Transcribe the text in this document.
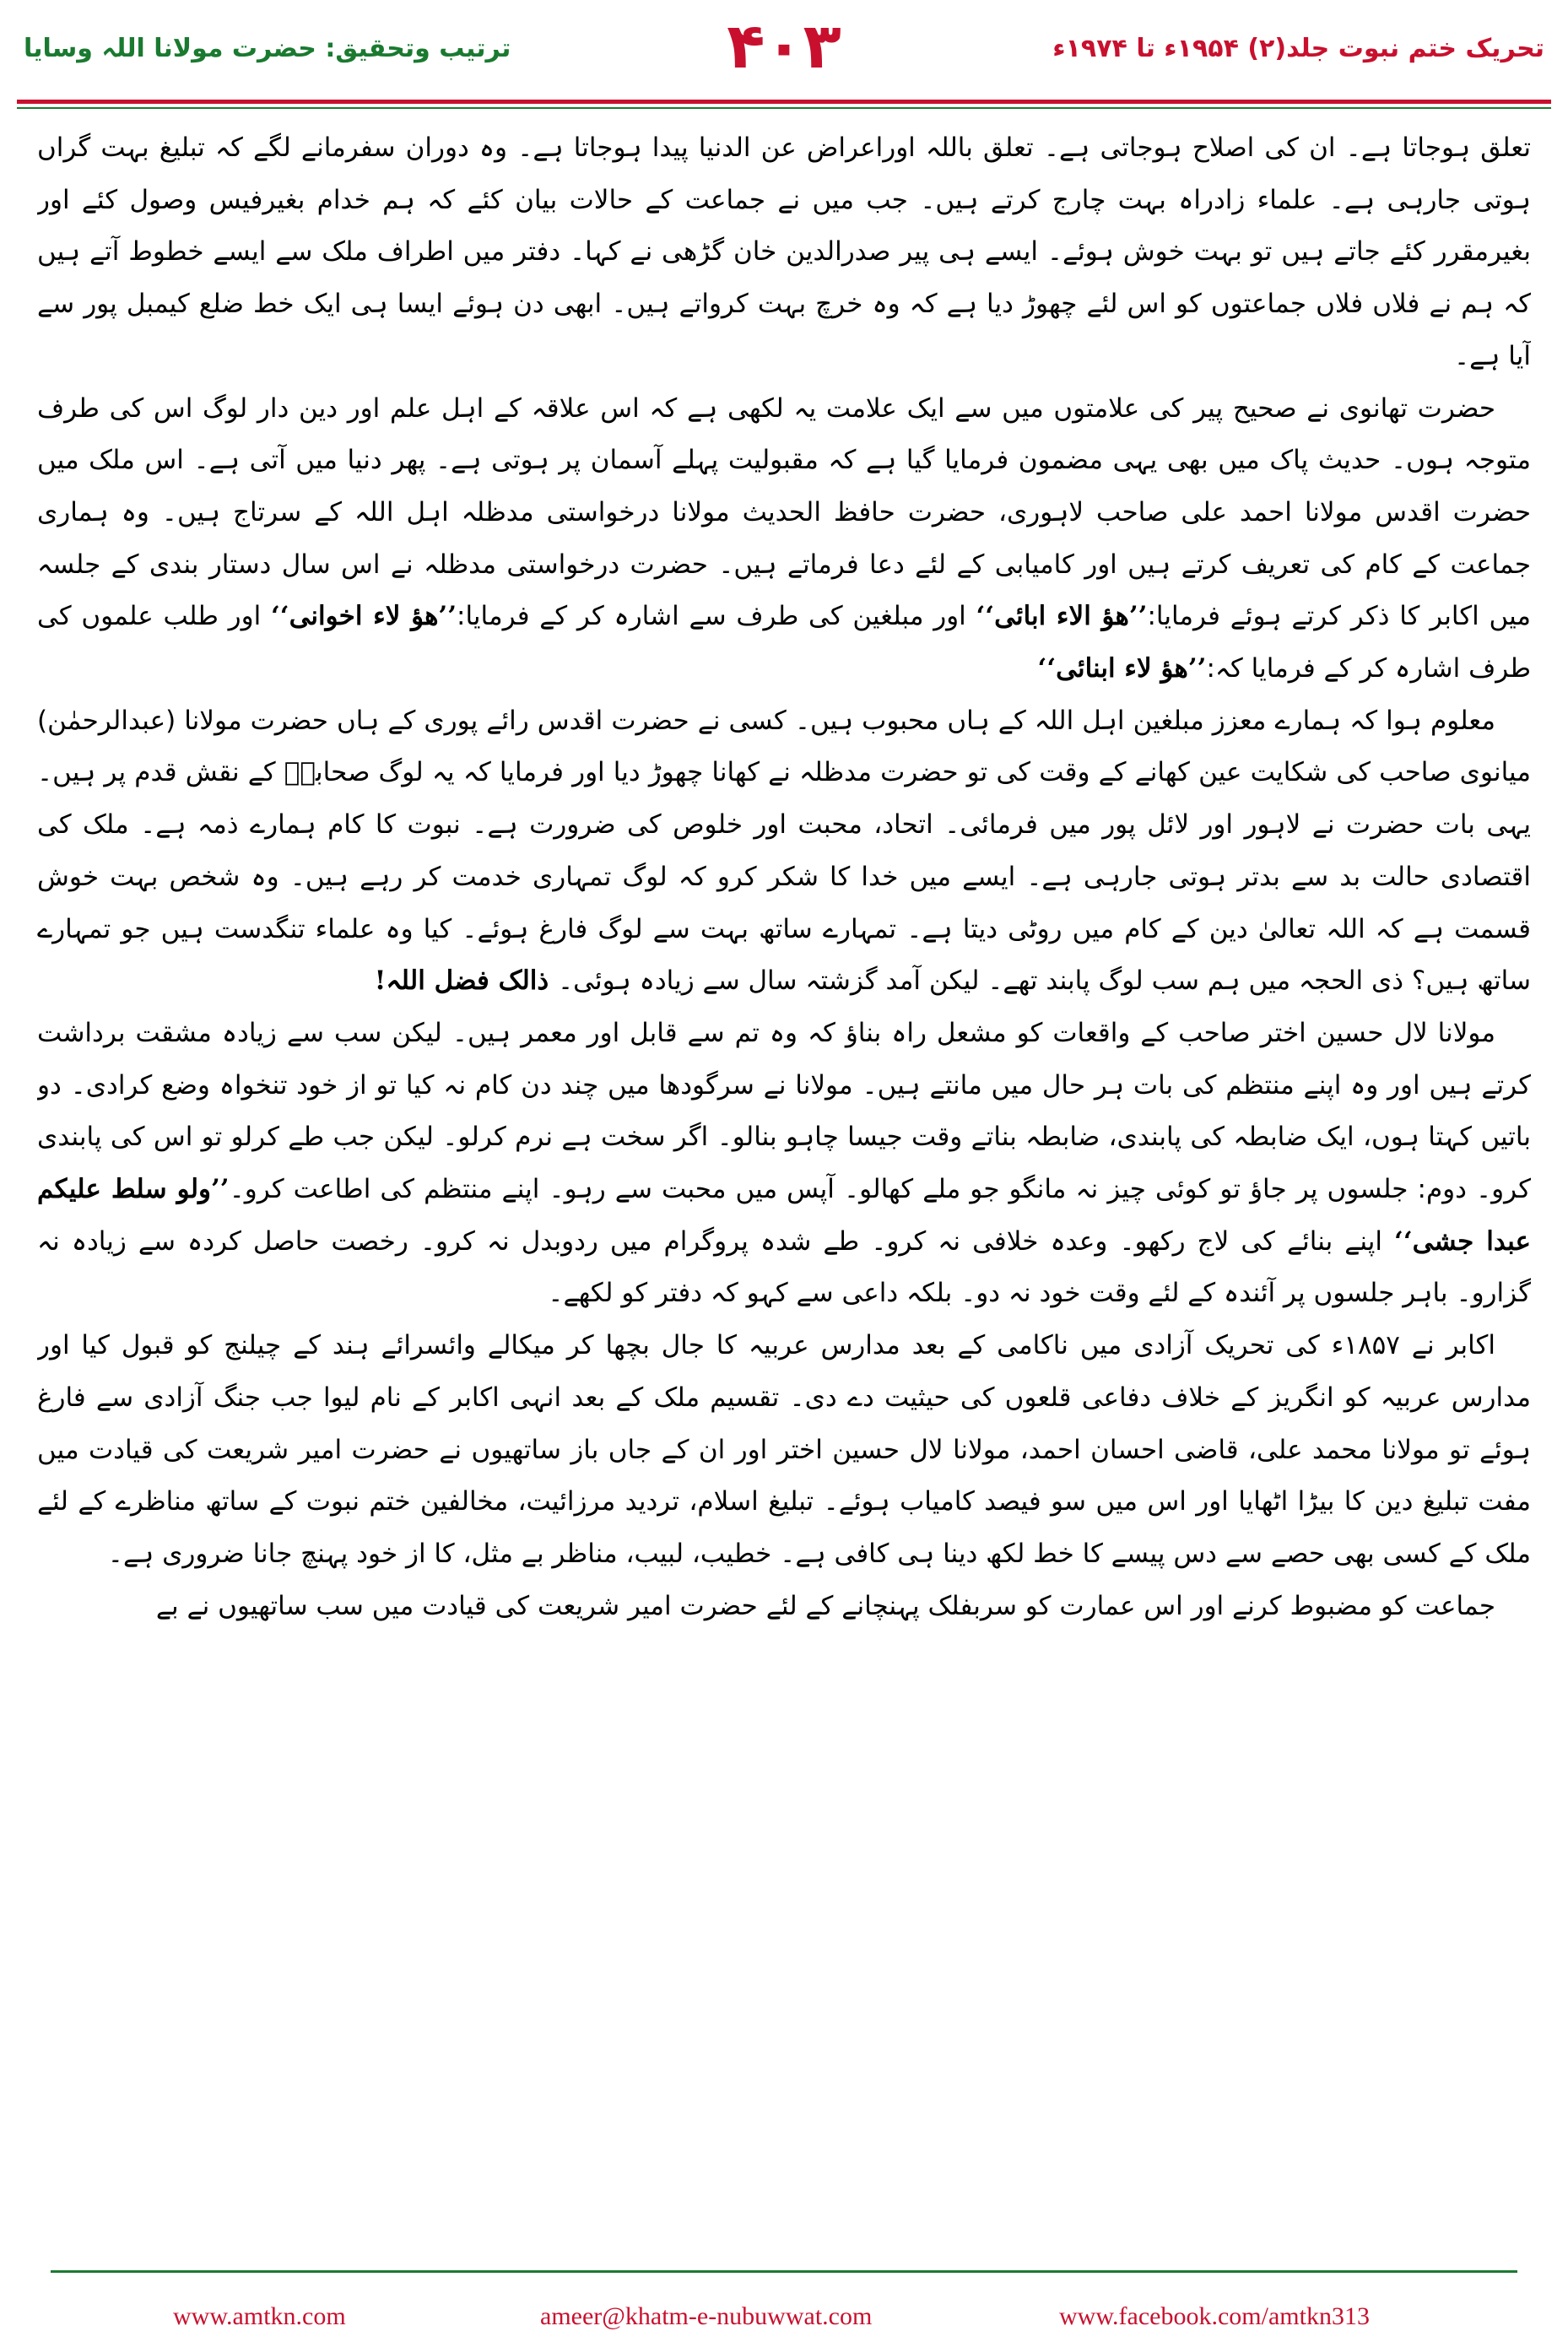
ترتیب وتحقیق: حضرت مولانا اللہ وسایا	۴۰۳	تحریک ختم نبوت جلد(۲) ۱۹۵۴ء تا ۱۹۷۴ء

تعلق ہوجاتا ہے۔ ان کی اصلاح ہوجاتی ہے۔ تعلق باللہ اوراعراض عن الدنیا پیدا ہوجاتا ہے۔ وہ دوران سفرمانے لگے کہ تبلیغ بہت گراں ہوتی جارہی ہے۔ علماء زادراہ بہت چارج کرتے ہیں۔ جب میں نے جماعت کے حالات بیان کئے کہ ہم خدام بغیرفیس وصول کئے اور بغیرمقرر کئے جاتے ہیں تو بہت خوش ہوئے۔ ایسے ہی پیر صدرالدین خان گڑھی نے کہا۔ دفتر میں اطراف ملک سے ایسے خطوط آتے ہیں کہ ہم نے فلاں فلاں جماعتوں کو اس لئے چھوڑ دیا ہے کہ وہ خرچ بہت کرواتے ہیں۔ ابھی دن ہوئے ایسا ہی ایک خط ضلع کیمبل پور سے آیا ہے۔

حضرت تھانوی نے صحیح پیر کی علامتوں میں سے ایک علامت یہ لکھی ہے کہ اس علاقہ کے اہل علم اور دین دار لوگ اس کی طرف متوجہ ہوں۔ حدیث پاک میں بھی یہی مضمون فرمایا گیا ہے کہ مقبولیت پہلے آسمان پر ہوتی ہے۔ پھر دنیا میں آتی ہے۔ اس ملک میں حضرت اقدس مولانا احمد علی صاحب لاہوری، حضرت حافظ الحدیث مولانا درخواستی مدظلہ اہل اللہ کے سرتاج ہیں۔ وہ ہماری جماعت کے کام کی تعریف کرتے ہیں اور کامیابی کے لئے دعا فرماتے ہیں۔ حضرت درخواستی مدظلہ نے اس سال دستار بندی کے جلسہ میں اکابر کا ذکر کرتے ہوئے فرمایا:’’ھؤ الاء ابائی‘‘ اور مبلغین کی طرف سے اشارہ کر کے فرمایا:’’ھؤ لاء اخوانی‘‘ اور طلب علموں کی طرف اشارہ کر کے فرمایا کہ:’’ھؤ لاء ابنائی‘‘

معلوم ہوا کہ ہمارے معزز مبلغین اہل اللہ کے ہاں محبوب ہیں۔ کسی نے حضرت اقدس رائے پوری کے ہاں حضرت مولانا (عبدالرحمٰن) میانوی صاحب کی شکایت عین کھانے کے وقت کی تو حضرت مدظلہ نے کھانا چھوڑ دیا اور فرمایا کہ یہ لوگ صحابہؓ کے نقش قدم پر ہیں۔ یہی بات حضرت نے لاہور اور لائل پور میں فرمائی۔ اتحاد، محبت اور خلوص کی ضرورت ہے۔ نبوت کا کام ہمارے ذمہ ہے۔ ملک کی اقتصادی حالت بد سے بدتر ہوتی جارہی ہے۔ ایسے میں خدا کا شکر کرو کہ لوگ تمہاری خدمت کر رہے ہیں۔ وہ شخص بہت خوش قسمت ہے کہ اللہ تعالیٰ دین کے کام میں روٹی دیتا ہے۔ تمہارے ساتھ بہت سے لوگ فارغ ہوئے۔ کیا وہ علماء تنگدست ہیں جو تمہارے ساتھ ہیں؟ ذی الحجہ میں ہم سب لوگ پابند تھے۔ لیکن آمد گزشتہ سال سے زیادہ ہوئی۔ ذالک فضل اللہ!

مولانا لال حسین اختر صاحب کے واقعات کو مشعل راہ بناؤ کہ وہ تم سے قابل اور معمر ہیں۔ لیکن سب سے زیادہ مشقت برداشت کرتے ہیں اور وہ اپنے منتظم کی بات ہر حال میں مانتے ہیں۔ مولانا نے سرگودھا میں چند دن کام نہ کیا تو از خود تنخواہ وضع کرادی۔ دو باتیں کہتا ہوں، ایک ضابطہ کی پابندی، ضابطہ بناتے وقت جیسا چاہو بنالو۔ اگر سخت ہے نرم کرلو۔ لیکن جب طے کرلو تو اس کی پابندی کرو۔ دوم: جلسوں پر جاؤ تو کوئی چیز نہ مانگو جو ملے کھالو۔ آپس میں محبت سے رہو۔ اپنے منتظم کی اطاعت کرو۔’’ولو سلط علیکم عبدا جشی‘‘ اپنے بنائے کی لاج رکھو۔ وعدہ خلافی نہ کرو۔ طے شدہ پروگرام میں ردوبدل نہ کرو۔ رخصت حاصل کردہ سے زیادہ نہ گزارو۔ باہر جلسوں پر آئندہ کے لئے وقت خود نہ دو۔ بلکہ داعی سے کہو کہ دفتر کو لکھے۔

اکابر نے ۱۸۵۷ء کی تحریک آزادی میں ناکامی کے بعد مدارس عربیہ کا جال بچھا کر میکالے وائسرائے ہند کے چیلنج کو قبول کیا اور مدارس عربیہ کو انگریز کے خلاف دفاعی قلعوں کی حیثیت دے دی۔ تقسیم ملک کے بعد انہی اکابر کے نام لیوا جب جنگ آزادی سے فارغ ہوئے تو مولانا محمد علی، قاضی احسان احمد، مولانا لال حسین اختر اور ان کے جاں باز ساتھیوں نے حضرت امیر شریعت کی قیادت میں مفت تبلیغ دین کا بیڑا اٹھایا اور اس میں سو فیصد کامیاب ہوئے۔ تبلیغ اسلام، تردید مرزائیت، مخالفین ختم نبوت کے ساتھ مناظرے کے لئے ملک کے کسی بھی حصے سے دس پیسے کا خط لکھ دینا ہی کافی ہے۔ خطیب، لبیب، مناظر بے مثل، کا از خود پہنچ جانا ضروری ہے۔

جماعت کو مضبوط کرنے اور اس عمارت کو سربفلک پہنچانے کے لئے حضرت امیر شریعت کی قیادت میں سب ساتھیوں نے بے

www.amtkn.com	ameer@khatm-e-nubuwwat.com	www.facebook.com/amtkn313
